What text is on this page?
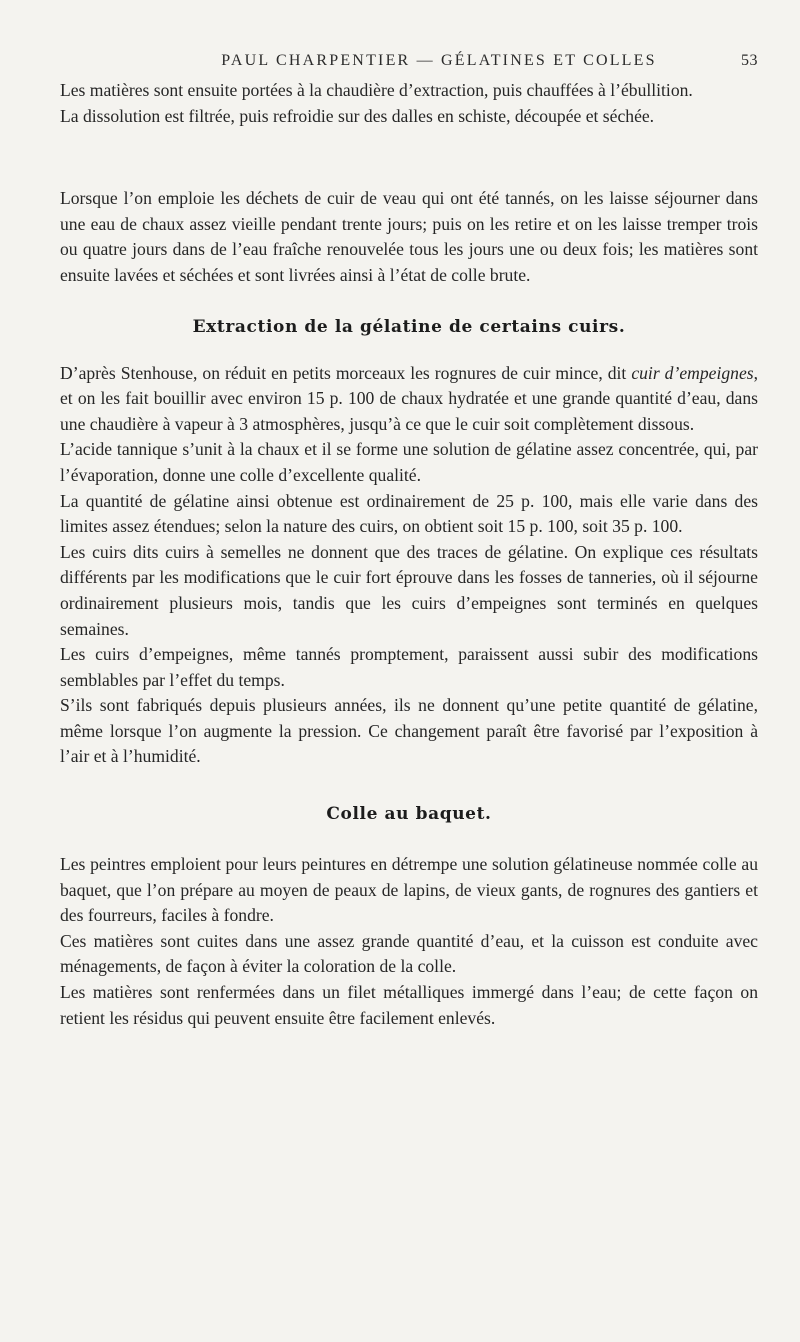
PAUL CHARPENTIER — GÉLATINES ET COLLES	53

Les matières sont ensuite portées à la chaudière d’extraction, puis chauffées à l’ébullition.

La dissolution est filtrée, puis refroidie sur des dalles en schiste, découpée et séchée.

Lorsque l’on emploie les déchets de cuir de veau qui ont été tannés, on les laisse séjourner dans une eau de chaux assez vieille pendant trente jours; puis on les retire et on les laisse tremper trois ou quatre jours dans de l’eau fraîche renouvelée tous les jours une ou deux fois; les matières sont ensuite lavées et séchées et sont livrées ainsi à l’état de colle brute.

Extraction de la gélatine de certains cuirs.

D’après Stenhouse, on réduit en petits morceaux les rognures de cuir mince, dit cuir d’empeignes, et on les fait bouillir avec environ 15 p. 100 de chaux hydratée et une grande quantité d’eau, dans une chaudière à vapeur à 3 atmosphères, jusqu’à ce que le cuir soit complètement dissous.

L’acide tannique s’unit à la chaux et il se forme une solution de gélatine assez concentrée, qui, par l’évaporation, donne une colle d’excellente qualité.

La quantité de gélatine ainsi obtenue est ordinairement de 25 p. 100, mais elle varie dans des limites assez étendues; selon la nature des cuirs, on obtient soit 15 p. 100, soit 35 p. 100.

Les cuirs dits cuirs à semelles ne donnent que des traces de gélatine. On explique ces résultats différents par les modifications que le cuir fort éprouve dans les fosses de tanneries, où il séjourne ordinairement plusieurs mois, tandis que les cuirs d’empeignes sont terminés en quelques semaines.

Les cuirs d’empeignes, même tannés promptement, paraissent aussi subir des modifications semblables par l’effet du temps.

S’ils sont fabriqués depuis plusieurs années, ils ne donnent qu’une petite quantité de gélatine, même lorsque l’on augmente la pression. Ce changement paraît être favorisé par l’exposition à l’air et à l’humidité.

Colle au baquet.

Les peintres emploient pour leurs peintures en détrempe une solution gélatineuse nommée colle au baquet, que l’on prépare au moyen de peaux de lapins, de vieux gants, de rognures des gantiers et des fourreurs, faciles à fondre.

Ces matières sont cuites dans une assez grande quantité d’eau, et la cuisson est conduite avec ménagements, de façon à éviter la coloration de la colle.

Les matières sont renfermées dans un filet métalliques immergé dans l’eau; de cette façon on retient les résidus qui peuvent ensuite être facilement enlevés.
